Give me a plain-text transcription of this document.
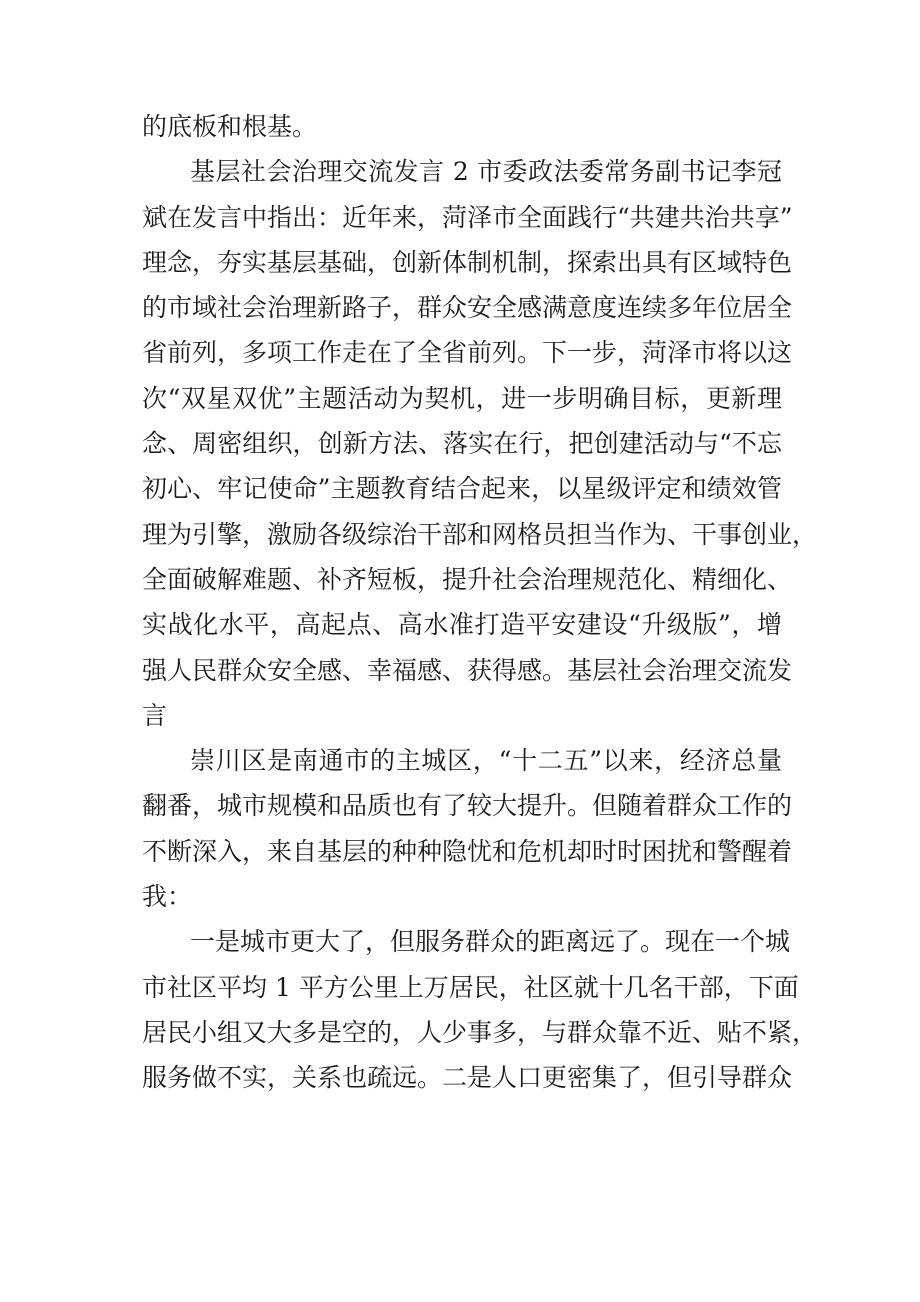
的底板和根基。
基层社会治理交流发言 2 市委政法委常务副书记李冠
斌在发言中指出：近年来，菏泽市全面践行“共建共治共享”
理念，夯实基层基础，创新体制机制，探索出具有区域特色
的市域社会治理新路子，群众安全感满意度连续多年位居全
省前列，多项工作走在了全省前列。下一步，菏泽市将以这
次“双星双优”主题活动为契机，进一步明确目标，更新理
念、周密组织，创新方法、落实在行，把创建活动与“不忘
初心、牢记使命”主题教育结合起来，以星级评定和绩效管
理为引擎，激励各级综治干部和网格员担当作为、干事创业，
全面破解难题、补齐短板，提升社会治理规范化、精细化、
实战化水平，高起点、高水准打造平安建设“升级版”，增
强人民群众安全感、幸福感、获得感。基层社会治理交流发
言
崇川区是南通市的主城区，“十二五”以来，经济总量
翻番，城市规模和品质也有了较大提升。但随着群众工作的
不断深入，来自基层的种种隐忧和危机却时时困扰和警醒着
我：
一是城市更大了，但服务群众的距离远了。现在一个城
市社区平均 1 平方公里上万居民，社区就十几名干部，下面
居民小组又大多是空的，人少事多，与群众靠不近、贴不紧，
服务做不实，关系也疏远。二是人口更密集了，但引导群众
